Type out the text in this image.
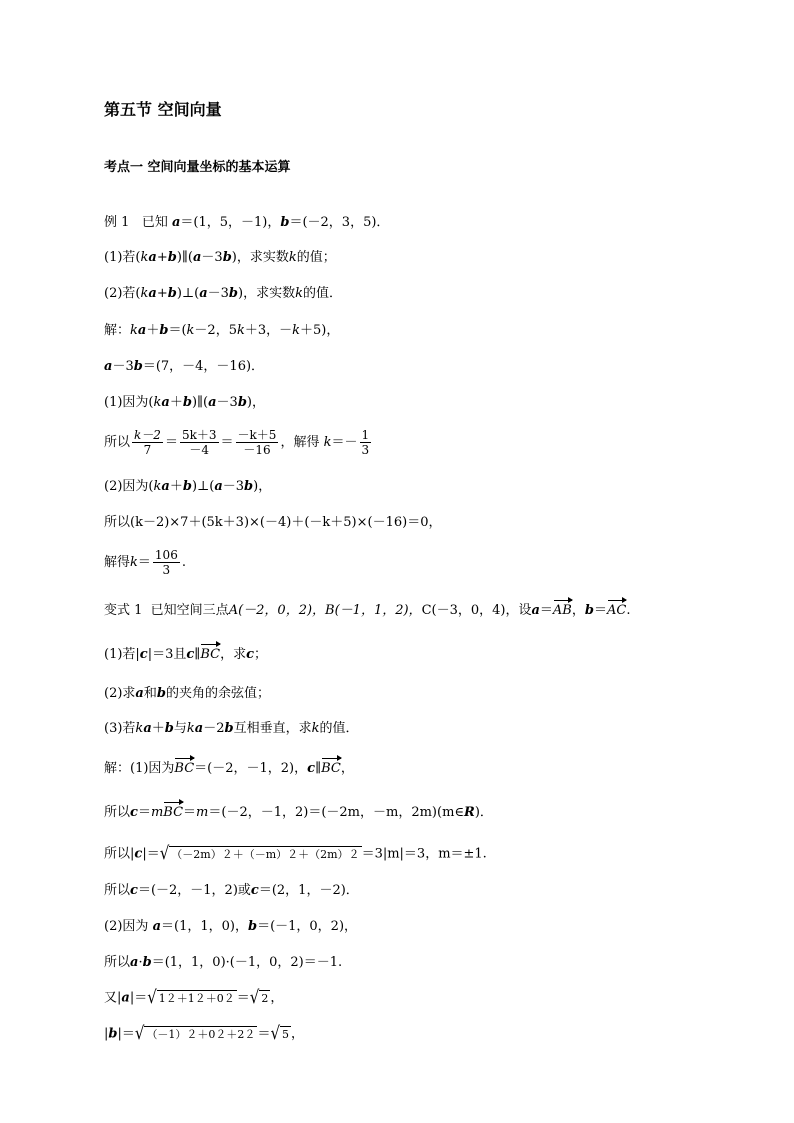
第五节 空间向量
考点一 空间向量坐标的基本运算
例 1 已知 a＝(1，5，－1)，b＝(－2，3，5)．
(1)若(ka+b)∥(a－3b)，求实数k的值；
(2)若(ka+b)⊥(a－3b)，求实数k的值．
解：ka＋b＝(k－2，5k＋3，－k＋5)，
a－3b＝(7，－4，－16)．
(1)因为(ka＋b)∥(a－3b)，
所以 $\frac{k-2}{7} = \frac{5k+3}{-4} = \frac{-k+5}{-16}$ ，解得 $k=- \frac{1}{3}$
(2)因为(ka＋b)⊥(a－3b)，
所以(k－2)×7＋(5k＋3)×(－4)＋(－k＋5)×(－16)＝0，
解得$k= \frac{106}{3}$ .
变式 1 已知空间三点A(－2，0，2)，B(－1，1，2)，C(－3，0，4)，设a＝AB，b＝AC.
(1)若|c|＝3且c∥BC，求c；
(2)求a和b的夹角的余弦值；
(3)若ka＋b与ka－2b互相垂直，求k的值．
解：(1)因为BC＝(－2，－1，2)，c∥BC，
所以c＝mBC＝m＝(－2，－1，2)＝(－2m，－m，2m)(m∈R)．
所以|c|＝√ （－2m）２＋（－m）２＋（2m）２ ＝3|m|＝3，m＝±1.
所以c＝(－2，－1，2)或c＝(2，1，－2)．
(2)因为 a＝(1，1，0)，b＝(－1，0，2)，
所以a·b＝(1，1，0)·(－1，0，2)＝－1.
又|a|＝√ 1２＋1２＋0２ ＝√ 2 ，
|b|＝√ （－1）２＋0２＋2２ ＝√ 5 ，
